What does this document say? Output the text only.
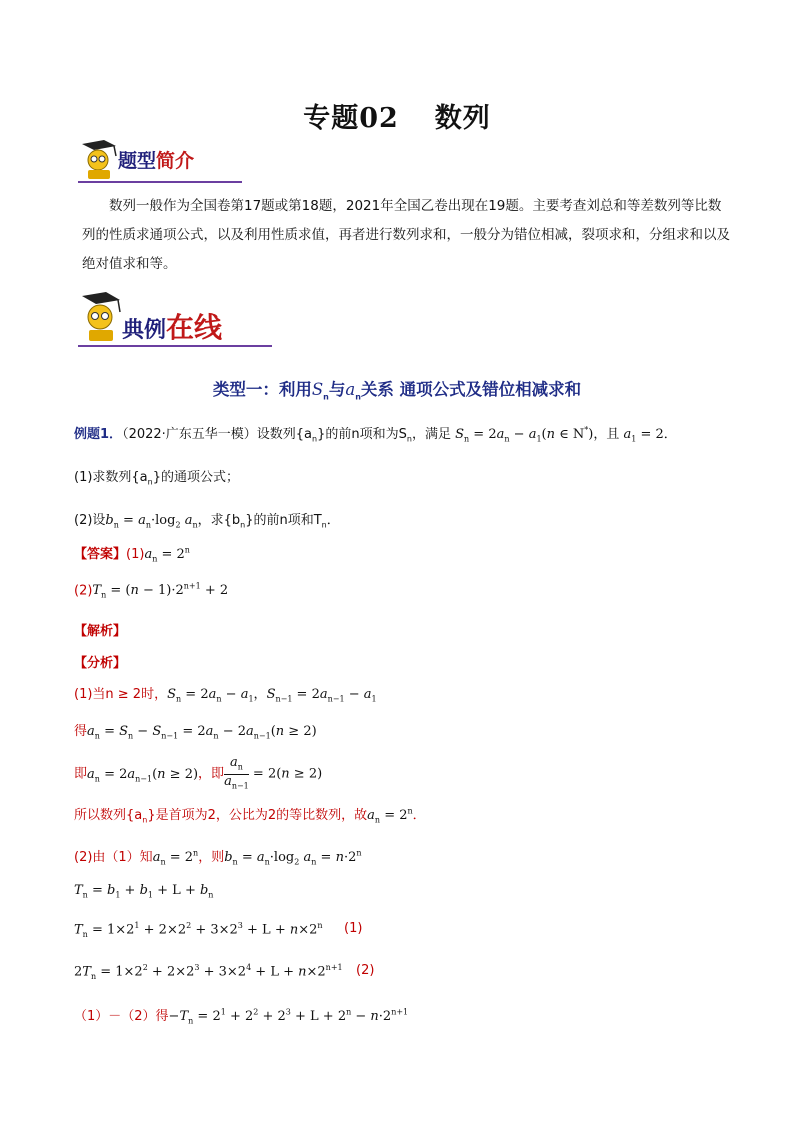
专题02 数列
题型简介
数列一般作为全国卷第17题或第18题，2021年全国乙卷出现在19题。主要考查刘总和等差数列等比数列的性质求通项公式，以及利用性质求值，再者进行数列求和，一般分为错位相减，裂项求和，分组求和以及绝对值求和等。
典例在线
类型一：利用$S_n$与$a_n$关系 通项公式及错位相减求和
例题1．（2022·广东五华一模）设数列$\{a_n\}$的前n项和为$S_n$，满足 $S_n = 2a_n - a_1(n$ ∈ N*)，且 $a_1 = 2$．
(1)求数列$\{a_n\}$的通项公式；
(2)设$b_n = a_n\cdot\log_2$ $a_n$，求$\{b_n\}$的前n项和$T_n$．
【答案】$(1)a_n = 2^n$
$(2)T_n = (n - 1)\cdot 2^{n+1} + 2$
【解析】
【分析】
(1)当n ≥ 2时，$S_n = 2a_n - a_1$，$S_{n-1} = 2a_{n-1} - a_1$
得$a_n = S_n - S_{n-1} = 2a_n - 2a_{n-1}(n \ge 2)$
即$a_n = 2a_{n-1}(n \ge 2)$，即 $\frac{a_n}{a_{n-1}} = 2(n \ge 2)$
所以数列$\{a_n\}$是首项为2，公比为2的等比数列，故$a_n = 2^n$．
(2)由（1）知$a_n = 2^n$，则$b_n = a_n\cdot\log_2$ $a_n = n\cdot 2^n$
$T_n = b_1 + b_1 + L + b_n$
$T_n = 1\times 2^1 + 2\times 2^2 + 3\times 2^3 + L + n\times 2^n$ (1)
$2T_n = 1\times 2^2 + 2\times 2^3 + 3\times 2^4 + L + n\times 2^{n+1}$ (2)
（1）－（2）得$-T_n = 2^1 + 2^2 + 2^3 + L + 2^n - n\cdot 2^{n+1}$
